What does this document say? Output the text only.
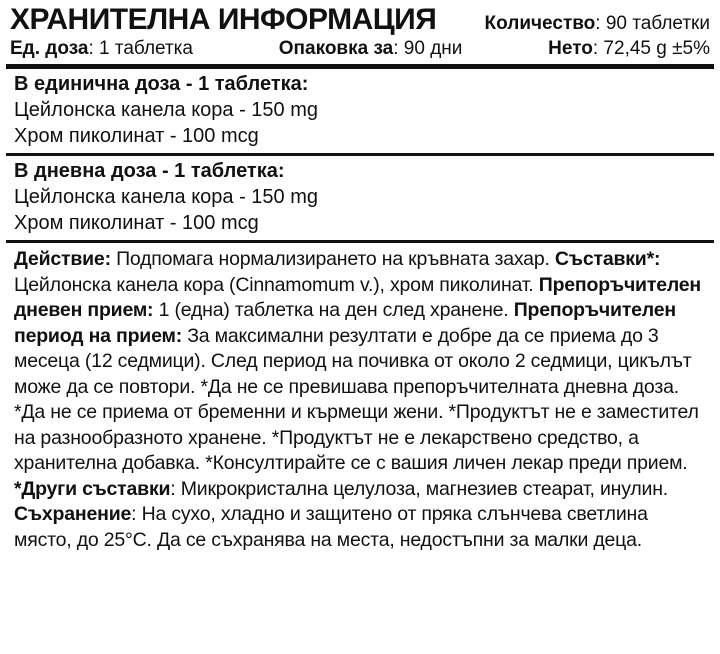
ХРАНИТЕЛНА ИНФОРМАЦИЯ	Количество: 90 таблетки
Ед. доза: 1 таблетка	Опаковка за: 90 дни	Нето: 72,45 g ±5%
В единична доза - 1 таблетка:
Цейлонска канела кора - 150 mg
Хром пиколинат - 100 mcg
В дневна доза - 1 таблетка:
Цейлонска канела кора - 150 mg
Хром пиколинат - 100 mcg
Действие: Подпомага нормализирането на кръвната захар. Съставки*: Цейлонска канела кора (Cinnamomum v.), хром пиколинат. Препоръчителен дневен прием: 1 (една) таблетка на ден след хранене. Препоръчителен период на прием: За максимални резултати е добре да се приема до 3 месеца (12 седмици). След период на почивка от около 2 седмици, цикълът може да се повтори. *Да не се превишава препоръчителната дневна доза. *Да не се приема от бременни и кърмещи жени. *Продуктът не е заместител на разнообразното хранене. *Продуктът не е лекарствено средство, а хранителна добавка. *Консултирайте се с вашия личен лекар преди прием. *Други съставки: Микрокристална целулоза, магнезиев стеарат, инулин. Съхранение: На сухо, хладно и защитено от пряка слънчева светлина място, до 25°С. Да се съхранява на места, недостъпни за малки деца.
